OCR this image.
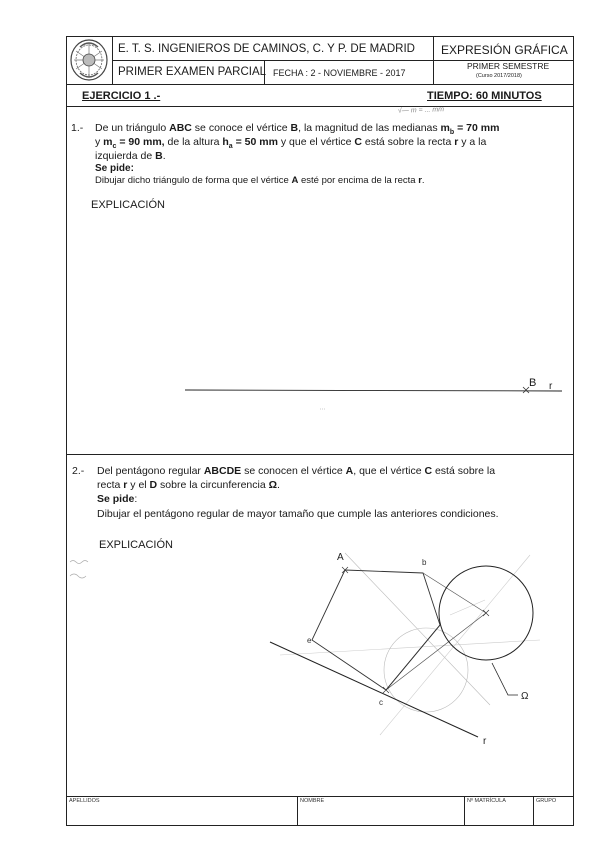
E. T. S. INGENIEROS DE CAMINOS, C. Y P. DE MADRID
PRIMER EXAMEN PARCIAL FECHA : 2 - NOVIEMBRE - 2017
EXPRESIÓN GRÁFICA
PRIMER SEMESTRE
(Curso 2017/2018)
EJERCICIO 1 .-	TIEMPO: 60 MINUTOS
√— m = ... mm
1.- De un triángulo ABC se conoce el vértice B, la magnitud de las medianas $m_b = 70$ mm
y $m_c = 90$ mm, de la altura $h_a = 50$ mm y que el vértice C está sobre la recta r y a la
izquierda de B.
Se pide:
Dibujar dicho triángulo de forma que el vértice A esté por encima de la recta r.
EXPLICACIÓN
B r
2.- Del pentágono regular ABCDE se conocen el vértice A, que el vértice C está sobre la
recta r y el D sobre la circunferencia Ω.
Se pide:
Dibujar el pentágono regular de mayor tamaño que cumple las anteriores condiciones.
EXPLICACIÓN
A	b
e
c
Ω
r
APELLIDOS	NOMBRE	Nº MATRÍCULA	GRUPO
